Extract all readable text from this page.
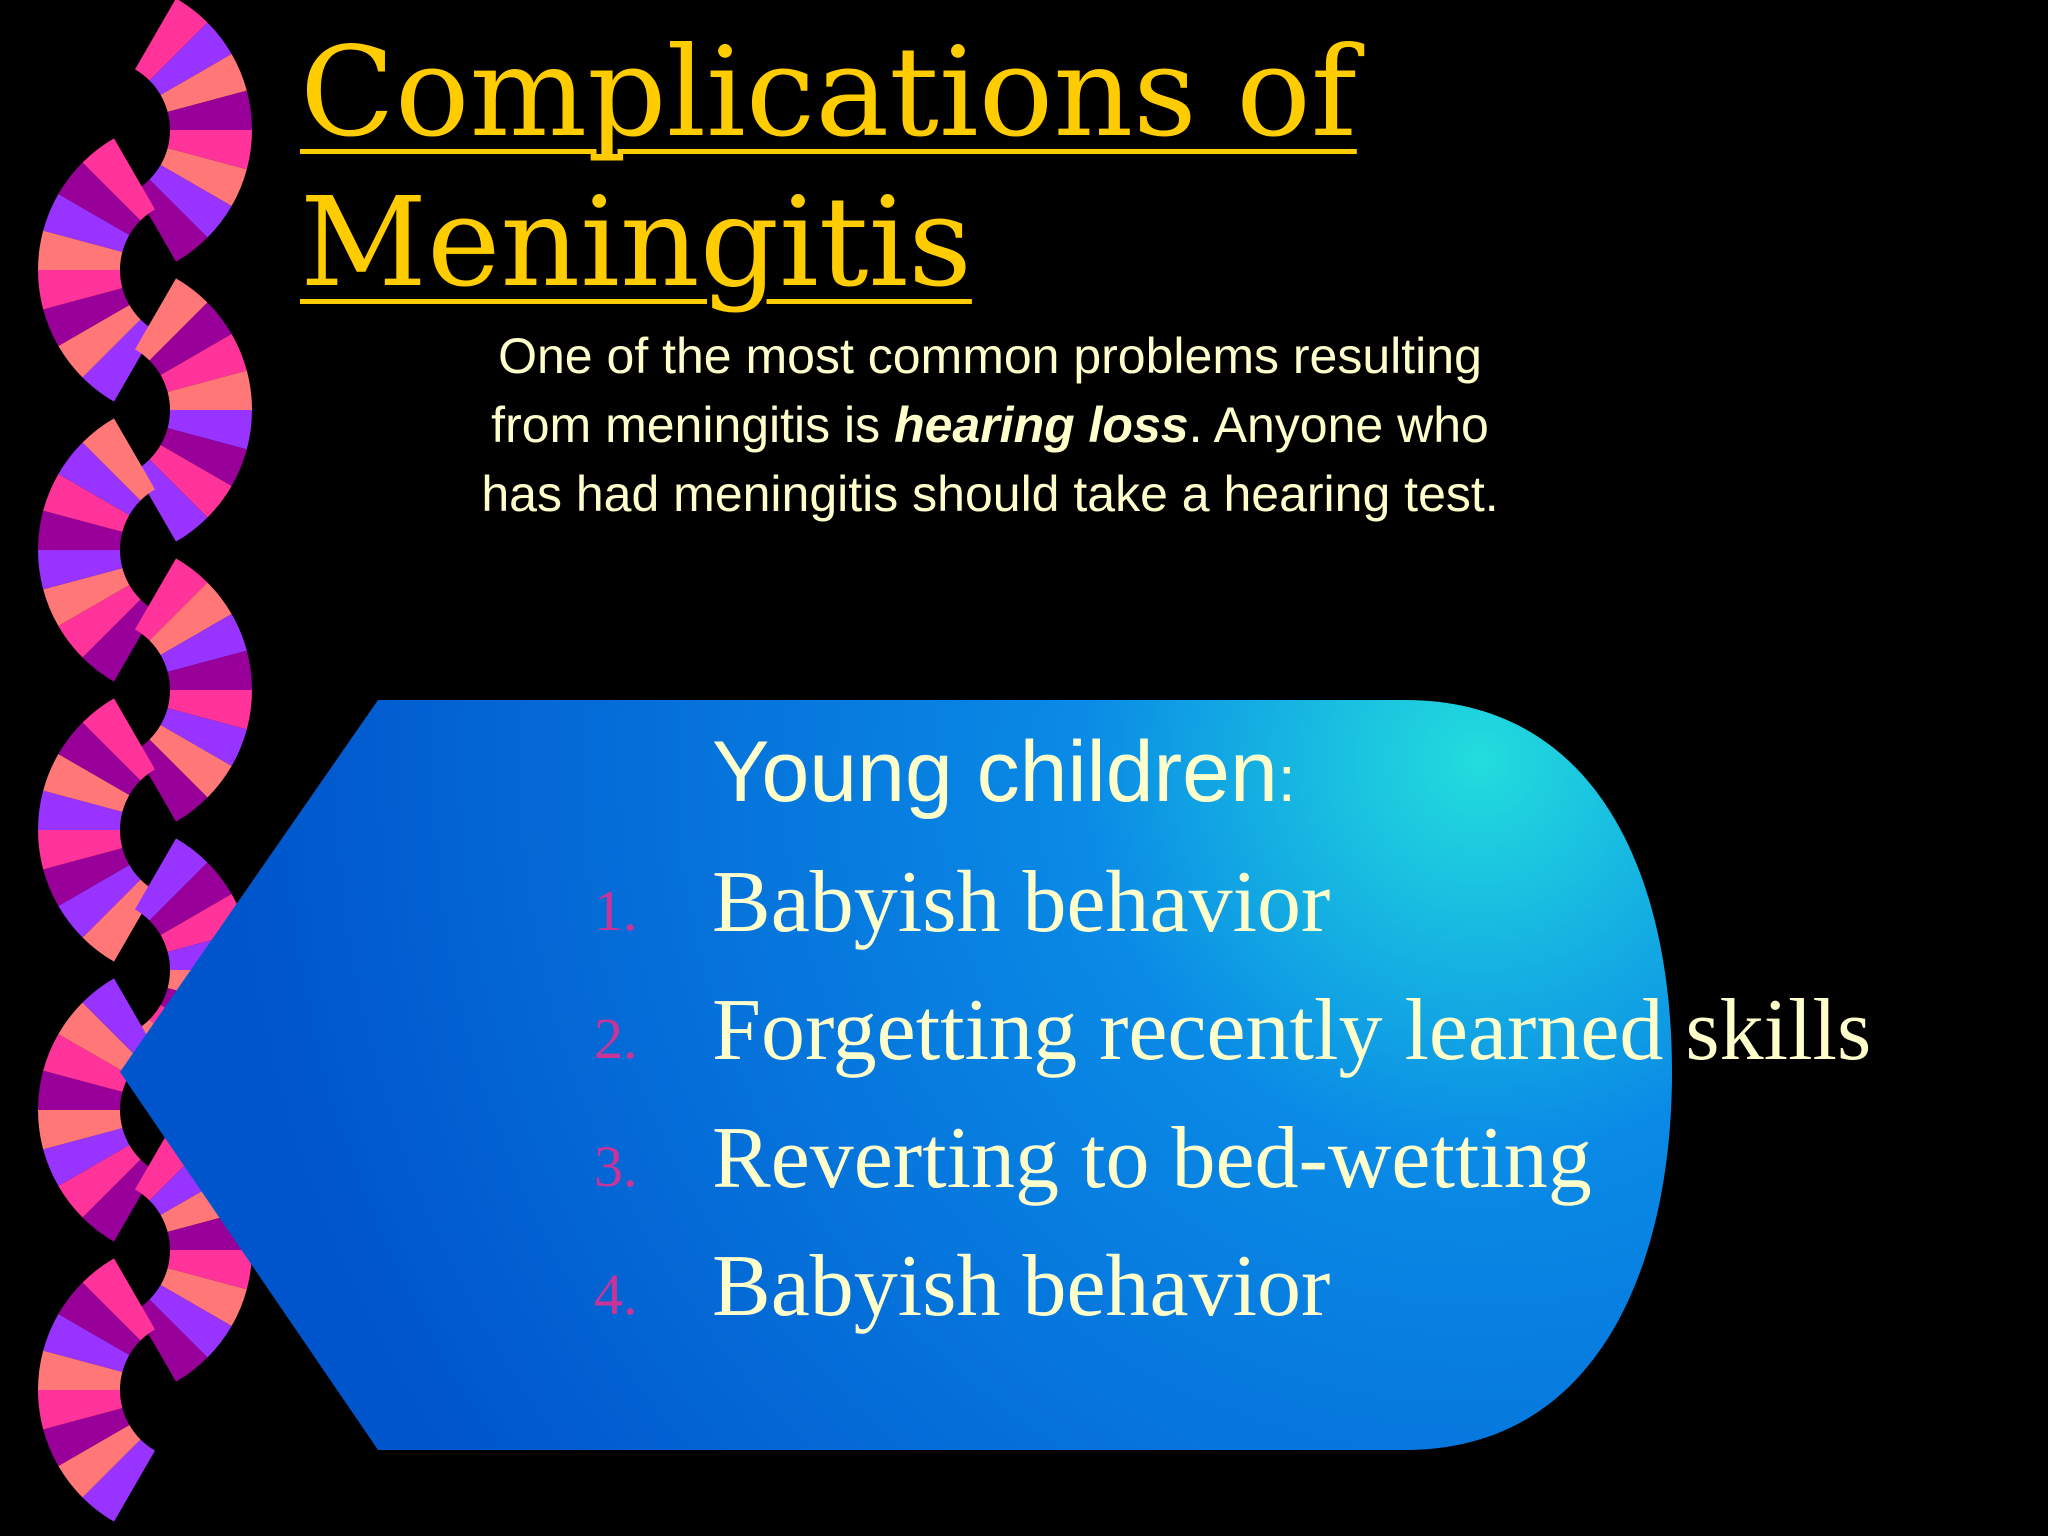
Complications of
Meningitis

One of the most common problems resulting from meningitis is hearing loss. Anyone who has had meningitis should take a hearing test.

Young children:
1. Babyish behavior
2. Forgetting recently learned skills
3. Reverting to bed-wetting
4. Babyish behavior
